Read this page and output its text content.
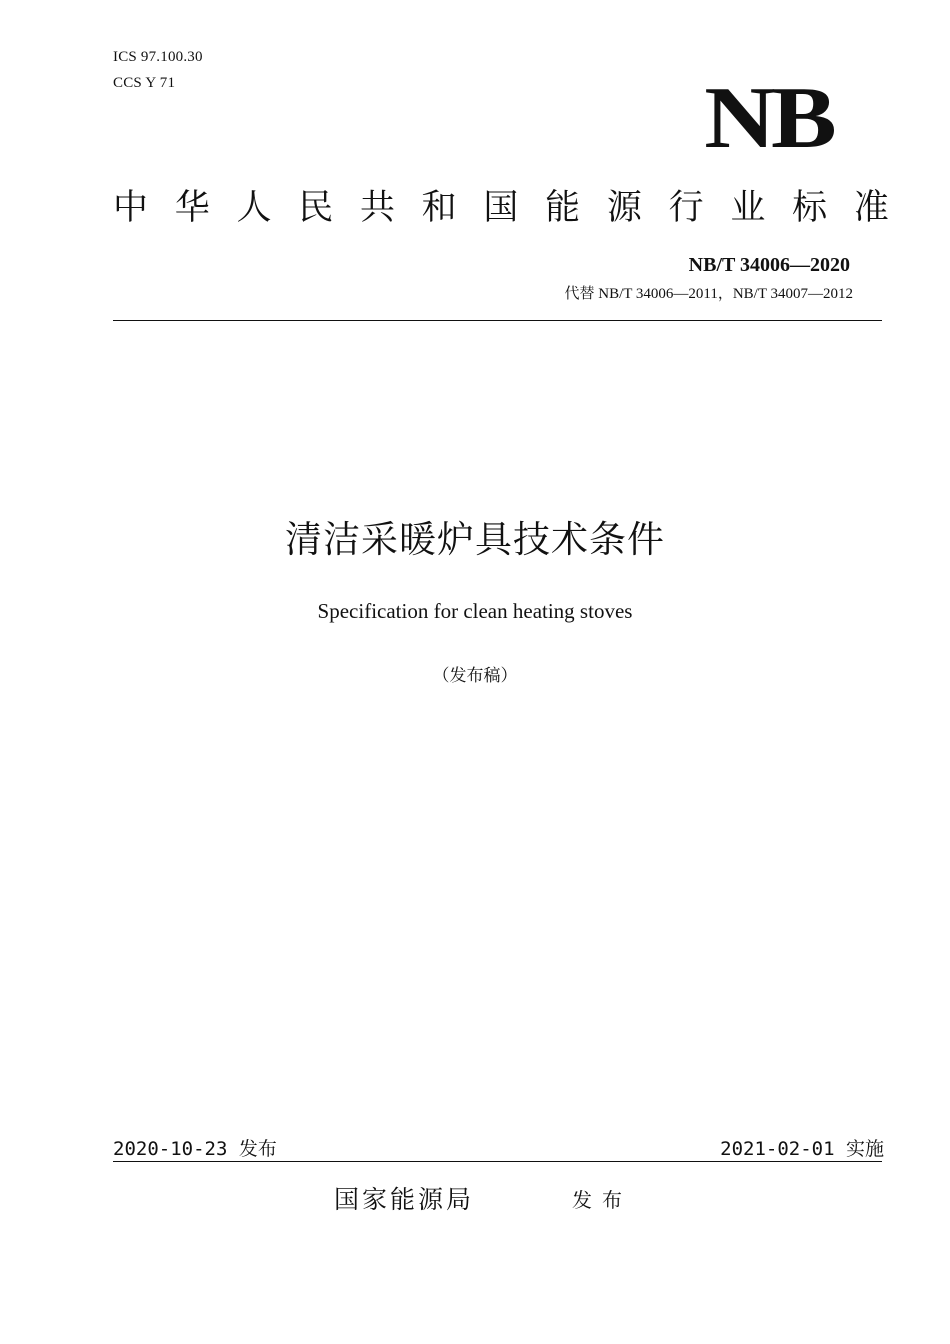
ICS 97.100.30
CCS Y 71	NB
中 华 人 民 共 和 国 能 源 行 业 标 准
NB/T 34006—2020
代替 NB/T 34006—2011，NB/T 34007—2012
清洁采暖炉具技术条件
Specification for clean heating stoves
（发布稿）
2020-10-23 发布	2021-02-01 实施
国家能源局	发布
